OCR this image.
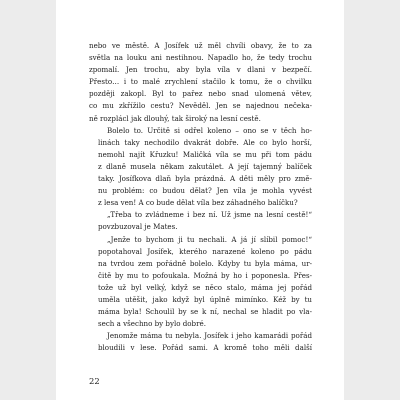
nebo ve městě. A Josífek už měl chvíli obavy, že to za
světla na louku ani nestihnou. Napadlo ho, že tedy trochu
zpomalí. Jen trochu, aby byla víla v dlani v bezpečí.
Přesto… i to malé zrychlení stačilo k tomu, že o chvilku
později zakopl. Byl to pařez nebo snad ulomená větev,
co mu zkřížilo cestu? Nevěděl. Jen se najednou nečeka-
ně rozplácl jak dlouhý, tak široký na lesní cestě.

Bolelo to. Určitě si odřel koleno – ono se v těch ho-
linách taky nechodilo dvakrát dobře. Ale co bylo horší,
nemohl najít Křuzku! Maličká víla se mu při tom pádu
z dlaně musela někam zakutálet. A její tajemný balíček
taky. Josífkova dlaň byla prázdná. A děti měly pro změ-
nu problém: co budou dělat? Jen víla je mohla vyvést
z lesa ven! A co bude dělat víla bez záhadného balíčku?

„Třeba to zvládneme i bez ní. Už jsme na lesní cestě!“
povzbuzoval je Mates.

„Jenže to bychom ji tu nechali. A já jí slíbil pomoc!“
popotahoval Josífek, kterého narazené koleno po pádu
na tvrdou zem pořádně bolelo. Kdyby tu byla máma, ur-
čitě by mu to pofoukala. Možná by ho i poponesla. Přes-
tože už byl velký, když se něco stalo, máma jej pořád
uměla utěšit, jako když byl úplně mimínko. Kéž by tu
máma byla! Schoulil by se k ní, nechal se hladit po vla-
sech a všechno by bylo dobré.

Jenomže máma tu nebyla. Josífek i jeho kamarádi pořád
bloudili v lese. Pořád sami. A kromě toho měli další

22
